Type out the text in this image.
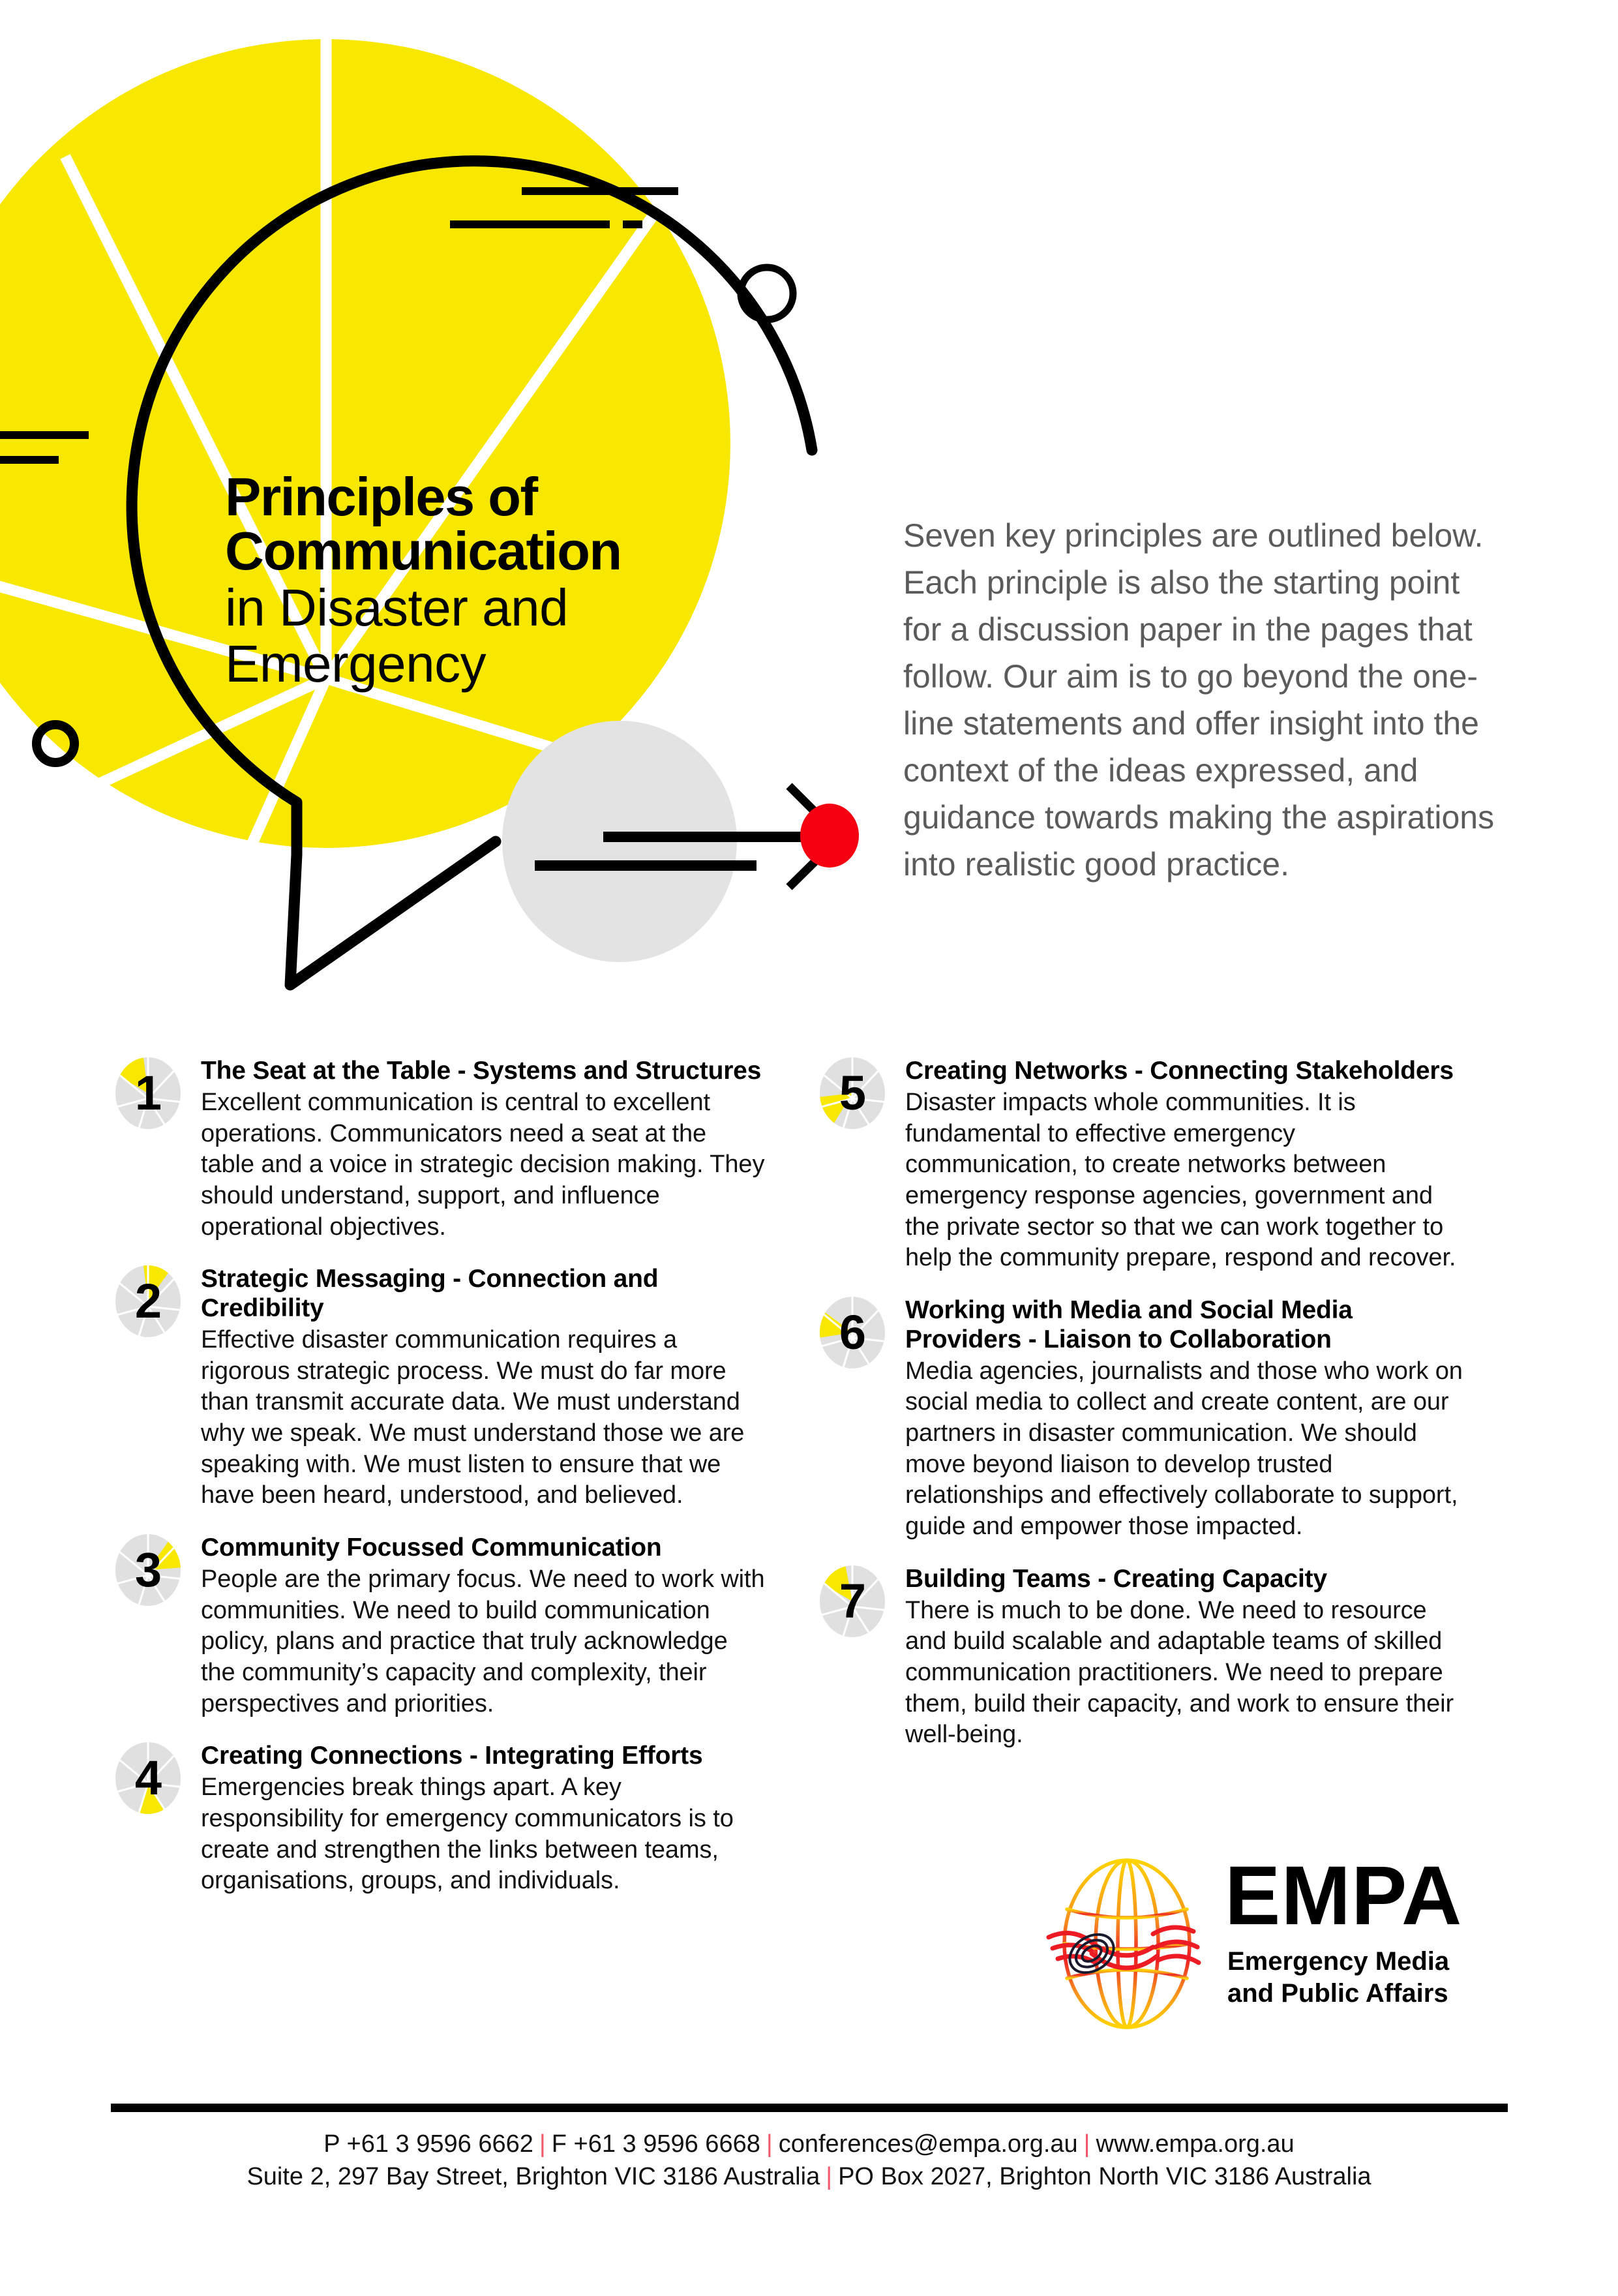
Principles of
Communication
in Disaster and
Emergency

Seven key principles are outlined below. Each principle is also the starting point for a discussion paper in the pages that follow. Our aim is to go beyond the one-line statements and offer insight into the context of the ideas expressed, and guidance towards making the aspirations into realistic good practice.

1	The Seat at the Table - Systems and Structures

Excellent communication is central to excellent operations. Communicators need a seat at the table and a voice in strategic decision making. They should understand, support, and influence operational objectives.

2	Strategic Messaging - Connection and Credibility

Effective disaster communication requires a rigorous strategic process. We must do far more than transmit accurate data. We must understand why we speak. We must understand those we are speaking with. We must listen to ensure that we have been heard, understood, and believed.

3	Community Focussed Communication

People are the primary focus. We need to work with communities. We need to build communication policy, plans and practice that truly acknowledge the community’s capacity and complexity, their perspectives and priorities.

4	Creating Connections - Integrating Efforts

Emergencies break things apart. A key responsibility for emergency communicators is to create and strengthen the links between teams, organisations, groups, and individuals.

5	Creating Networks - Connecting Stakeholders

Disaster impacts whole communities. It is fundamental to effective emergency communication, to create networks between emergency response agencies, government and the private sector so that we can work together to help the community prepare, respond and recover.

6	Working with Media and Social Media Providers - Liaison to Collaboration

Media agencies, journalists and those who work on social media to collect and create content, are our partners in disaster communication. We should move beyond liaison to develop trusted relationships and effectively collaborate to support, guide and empower those impacted.

7	Building Teams - Creating Capacity

There is much to be done. We need to resource and build scalable and adaptable teams of skilled communication practitioners. We need to prepare them, build their capacity, and work to ensure their well-being.

EMPA
Emergency Media
and Public Affairs
P +61 3 9596 6662 | F +61 3 9596 6668 | conferences@empa.org.au | www.empa.org.au
Suite 2, 297 Bay Street, Brighton VIC 3186 Australia | PO Box 2027, Brighton North VIC 3186 Australia
